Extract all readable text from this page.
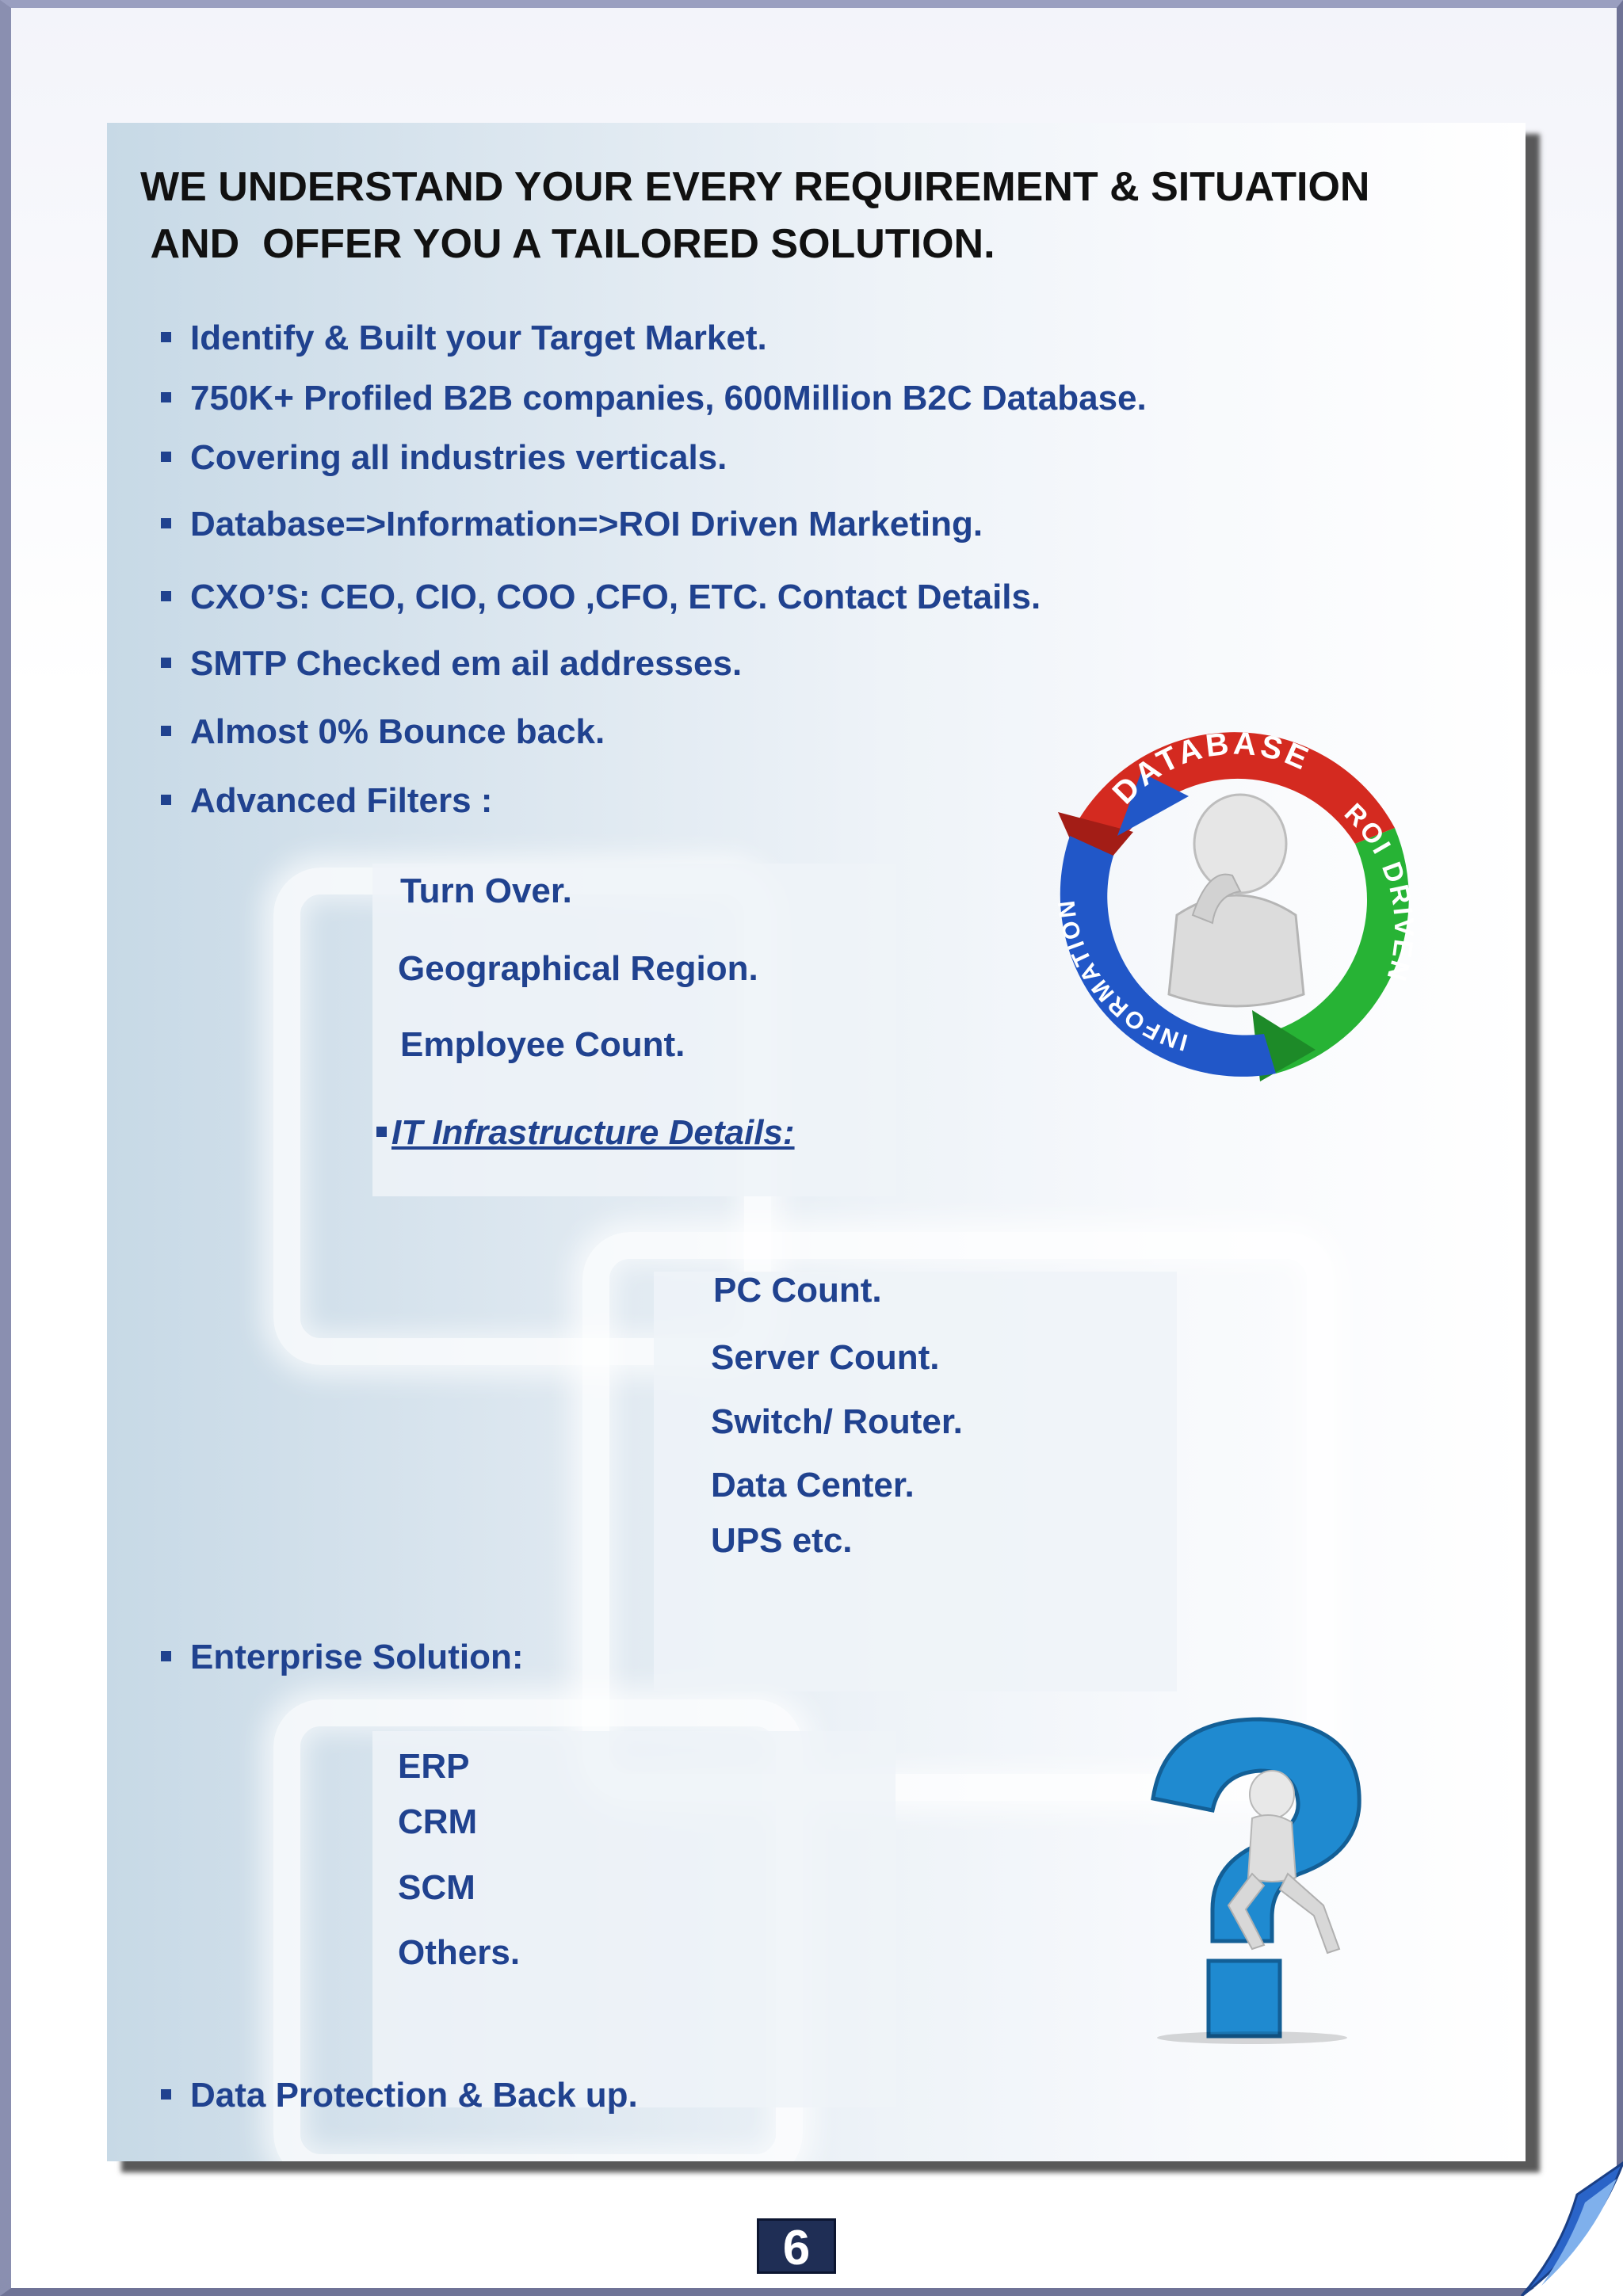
WE UNDERSTAND YOUR EVERY REQUIREMENT & SITUATION
AND  OFFER YOU A TAILORED SOLUTION.

Identify & Built your Target Market.

750K+ Profiled B2B companies, 600Million B2C Database.

Covering all industries verticals.

Database=>Information=>ROI Driven Marketing.

CXO’S: CEO, CIO, COO ,CFO, ETC. Contact Details.

SMTP Checked em ail addresses.

Almost 0% Bounce back.

Advanced Filters :

Turn Over.

Geographical Region.

Employee Count.

IT Infrastructure Details:

PC Count.

Server Count.

Switch/ Router.

Data Center.

UPS etc.

Enterprise Solution:

ERP

CRM

SCM

Others.

Data Protection & Back up.

DATABASE
ROI DRIVEN
INFORMATION
6
